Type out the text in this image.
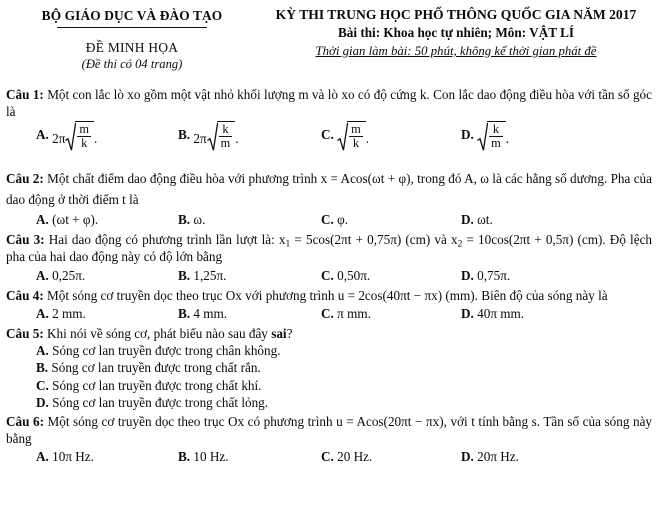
BỘ GIÁO DỤC VÀ ĐÀO TẠO
ĐỀ MINH HỌA
(Đề thi có 04 trang)
KỲ THI TRUNG HỌC PHỔ THÔNG QUỐC GIA NĂM 2017
Bài thi: Khoa học tự nhiên; Môn: VẬT LÍ
Thời gian làm bài: 50 phút, không kể thời gian phát đề
Câu 1: Một con lắc lò xo gồm một vật nhỏ khối lượng m và lò xo có độ cứng k. Con lắc dao động điều hòa với tần số góc là
A. $2\pi \frac{m}{k}$ .	B. $2\pi \frac{k}{m}$ .	C. $\frac{m}{k}$ .	D. $\frac{k}{m}$ .
Câu 2: Một chất điểm dao động điều hòa với phương trình x = Acos(ωt + φ), trong đó A, ω là các hằng số dương. Pha của dao động ở thời điểm t là
A. (ωt + φ).	B. ω.	C. φ.	D. ωt.
Câu 3: Hai dao động có phương trình lần lượt là: $x_1 = 5\cos(2\pi t + 0,75\pi)$ (cm) và $x_2 = 10\cos(2\pi t + 0,5\pi)$ (cm). Độ lệch pha của hai dao động này có độ lớn bằng
A. 0,25π.	B. 1,25π.	C. 0,50π.	D. 0,75π.
Câu 4: Một sóng cơ truyền dọc theo trục Ox với phương trình u = 2cos(40πt − πx) (mm). Biên độ của sóng này là
A. 2 mm.	B. 4 mm.	C. π mm.	D. 40π mm.
Câu 5: Khi nói về sóng cơ, phát biểu nào sau đây sai?
A. Sóng cơ lan truyền được trong chân không.
B. Sóng cơ lan truyền được trong chất rắn.
C. Sóng cơ lan truyền được trong chất khí.
D. Sóng cơ lan truyền được trong chất lỏng.
Câu 6: Một sóng cơ truyền dọc theo trục Ox có phương trình u = Acos(20πt − πx), với t tính bằng s. Tần số của sóng này bằng
A. 10π Hz.	B. 10 Hz.	C. 20 Hz.	D. 20π Hz.
